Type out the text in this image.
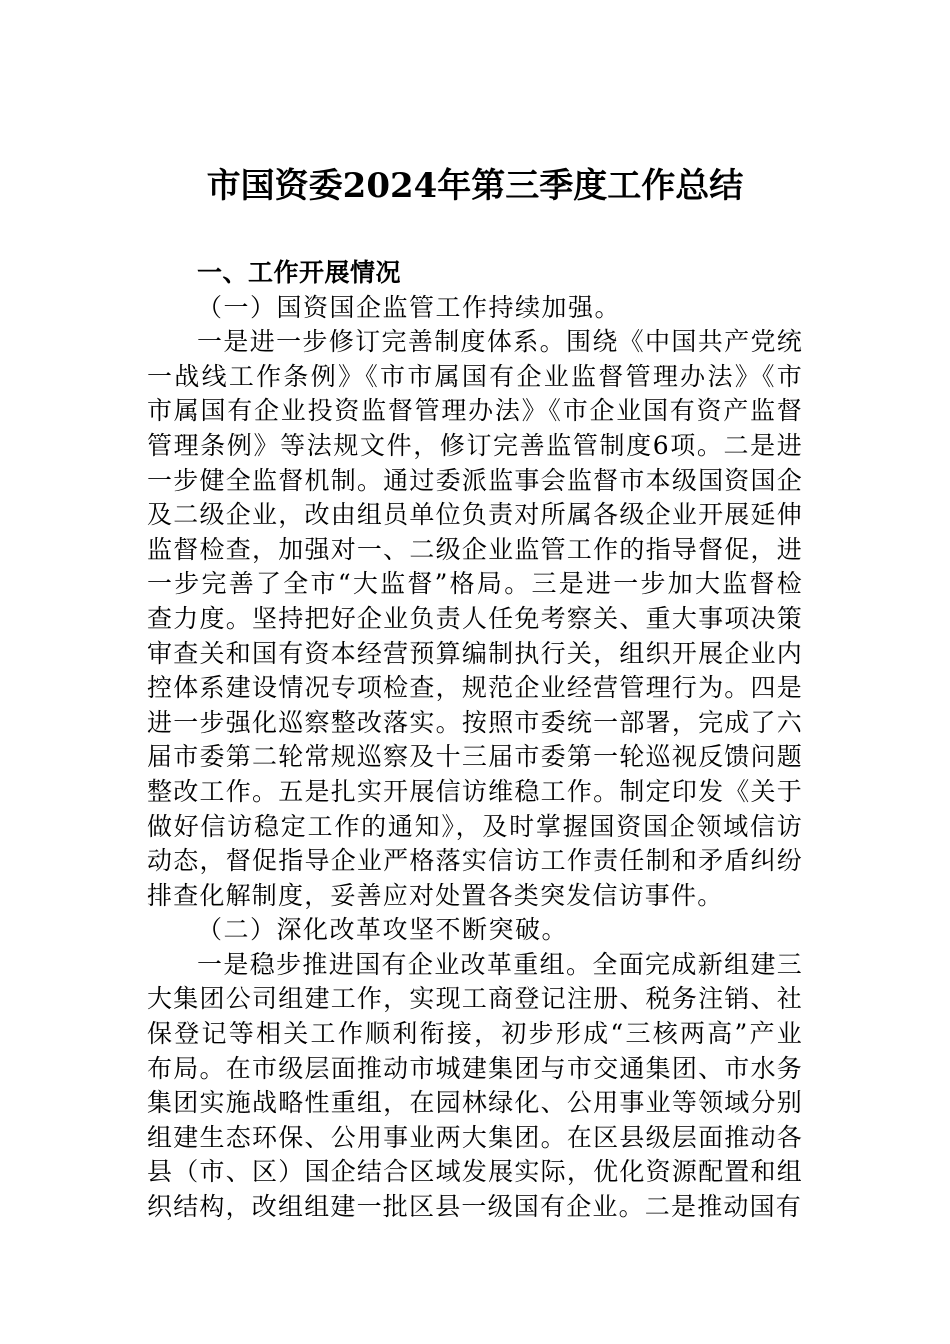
市国资委2024年第三季度工作总结

一、工作开展情况

（一）国资国企监管工作持续加强。

一是进一步修订完善制度体系。围绕《中国共产党统一战线工作条例》《市市属国有企业监督管理办法》《市市属国有企业投资监督管理办法》《市企业国有资产监督管理条例》等法规文件，修订完善监管制度6项。二是进一步健全监督机制。通过委派监事会监督市本级国资国企及二级企业，改由组员单位负责对所属各级企业开展延伸监督检查，加强对一、二级企业监管工作的指导督促，进一步完善了全市“大监督”格局。三是进一步加大监督检查力度。坚持把好企业负责人任免考察关、重大事项决策审查关和国有资本经营预算编制执行关，组织开展企业内控体系建设情况专项检查，规范企业经营管理行为。四是进一步强化巡察整改落实。按照市委统一部署，完成了六届市委第二轮常规巡察及十三届市委第一轮巡视反馈问题整改工作。五是扎实开展信访维稳工作。制定印发《关于做好信访稳定工作的通知》，及时掌握国资国企领域信访动态，督促指导企业严格落实信访工作责任制和矛盾纠纷排查化解制度，妥善应对处置各类突发信访事件。

（二）深化改革攻坚不断突破。

一是稳步推进国有企业改革重组。全面完成新组建三大集团公司组建工作，实现工商登记注册、税务注销、社保登记等相关工作顺利衔接，初步形成“三核两高”产业布局。在市级层面推动市城建集团与市交通集团、市水务集团实施战略性重组，在园林绿化、公用事业等领域分别组建生态环保、公用事业两大集团。在区县级层面推动各县（市、区）国企结合区域发展实际，优化资源配置和组织结构，改组组建一批区县一级国有企业。二是推动国有
